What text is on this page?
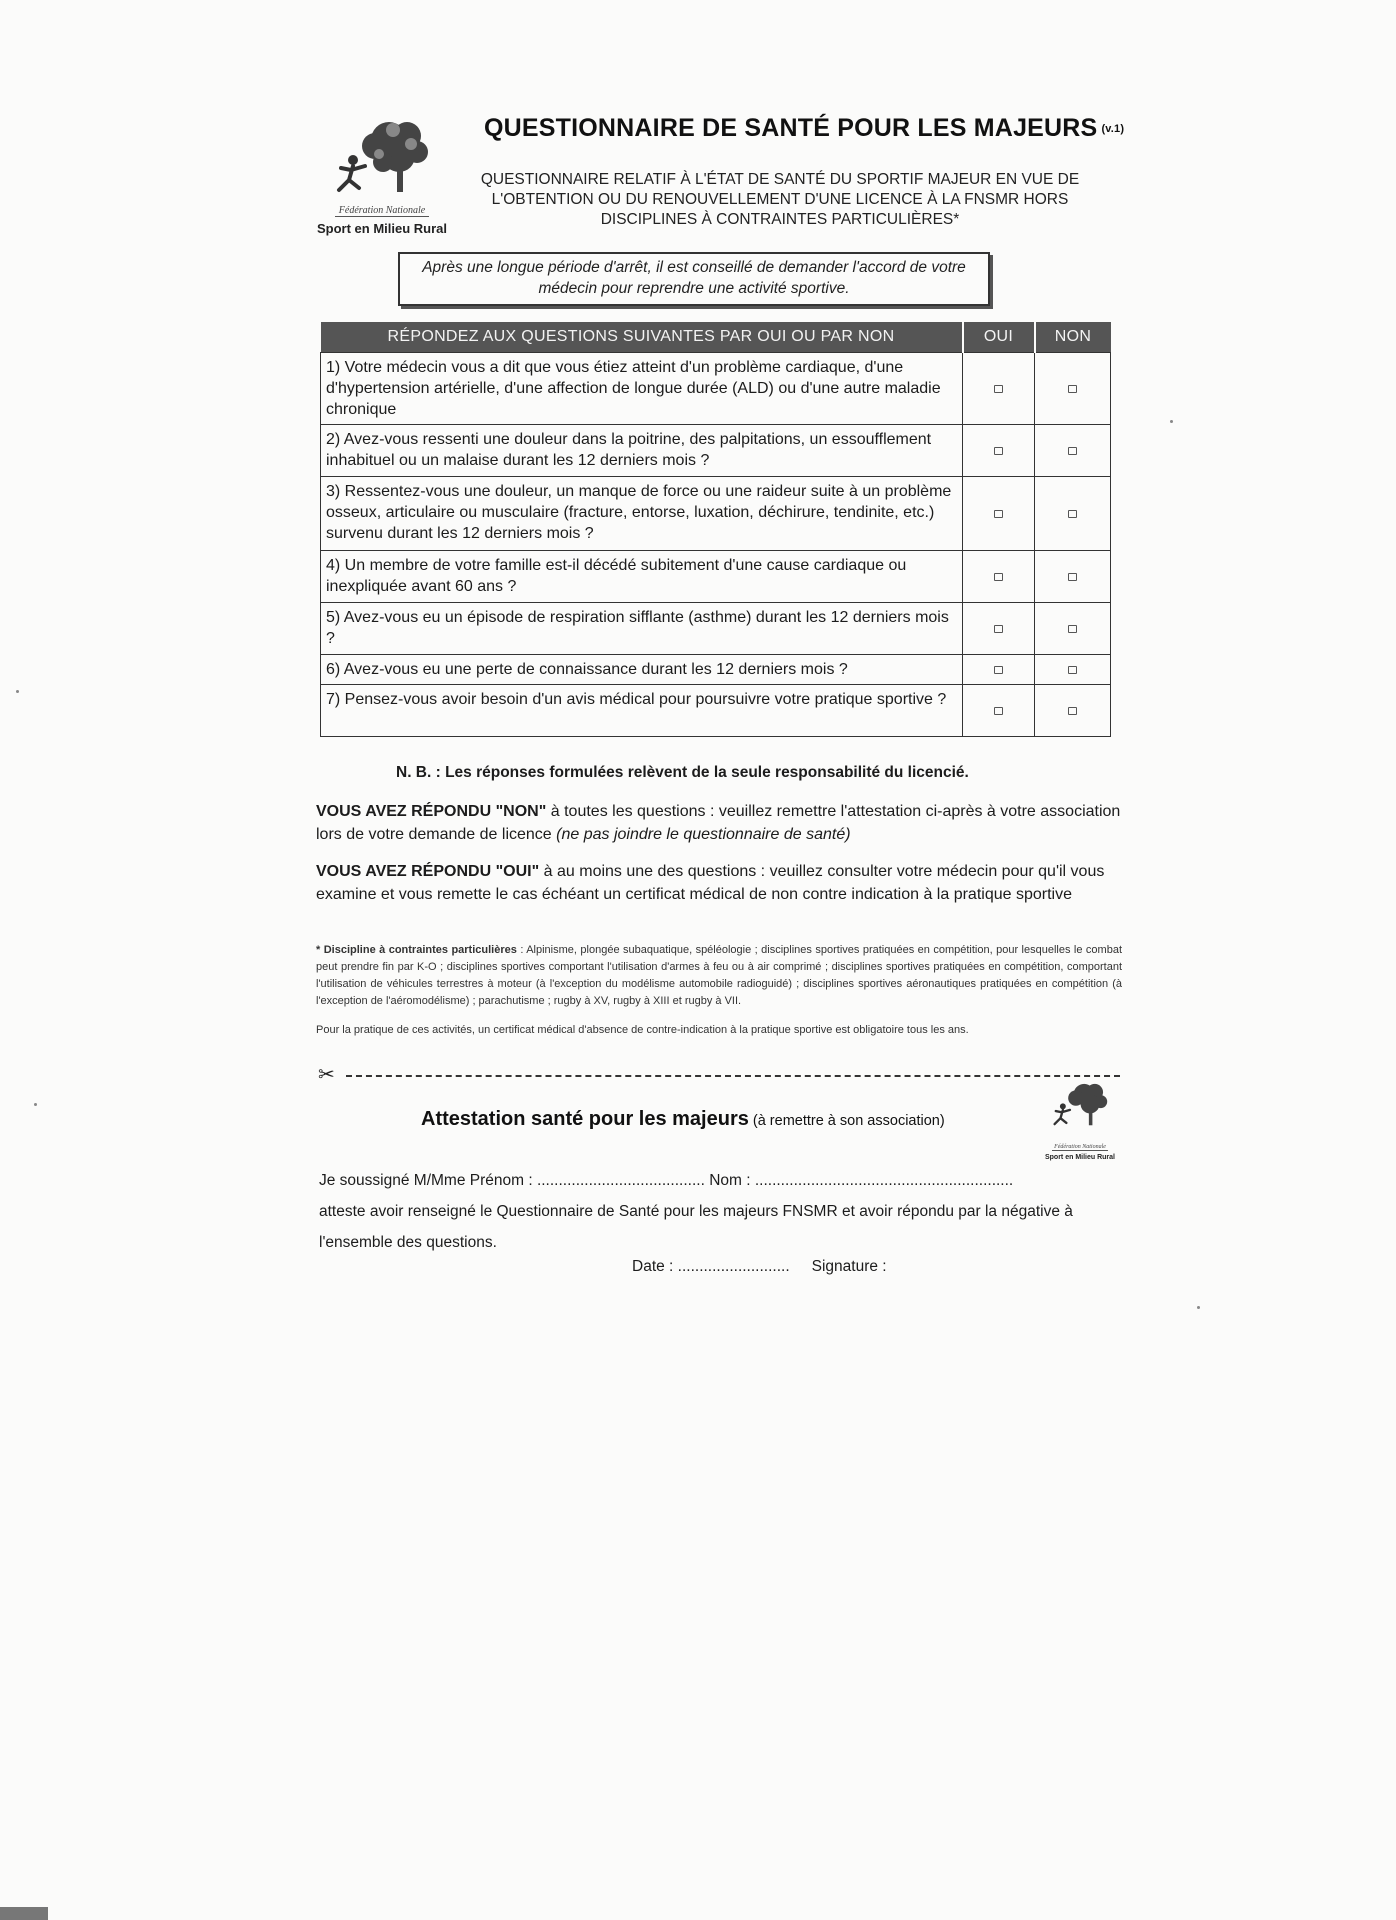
Fédération Nationale
Sport en Milieu Rural
QUESTIONNAIRE DE SANTÉ POUR LES MAJEURS (v.1)
QUESTIONNAIRE RELATIF À L'ÉTAT DE SANTÉ DU SPORTIF MAJEUR EN VUE DE L'OBTENTION OU DU RENOUVELLEMENT D'UNE LICENCE À LA FNSMR HORS DISCIPLINES À CONTRAINTES PARTICULIÈRES*
Après une longue période d'arrêt, il est conseillé de demander l'accord de votre médecin pour reprendre une activité sportive.
RÉPONDEZ AUX QUESTIONS SUIVANTES PAR OUI OU PAR NON	OUI	NON
1) Votre médecin vous a dit que vous étiez atteint d'un problème cardiaque, d'une d'hypertension artérielle, d'une affection de longue durée (ALD) ou d'une autre maladie chronique		
2) Avez-vous ressenti une douleur dans la poitrine, des palpitations, un essoufflement inhabituel ou un malaise durant les 12 derniers mois ?		
3) Ressentez-vous une douleur, un manque de force ou une raideur suite à un problème osseux, articulaire ou musculaire (fracture, entorse, luxation, déchirure, tendinite, etc.) survenu durant les 12 derniers mois ?		
4) Un membre de votre famille est-il décédé subitement d'une cause cardiaque ou inexpliquée avant 60 ans ?		
5) Avez-vous eu un épisode de respiration sifflante (asthme) durant les 12 derniers mois ?		
6) Avez-vous eu une perte de connaissance durant les 12 derniers mois ?		
7) Pensez-vous avoir besoin d'un avis médical pour poursuivre votre pratique sportive ?		
N. B. : Les réponses formulées relèvent de la seule responsabilité du licencié.
VOUS AVEZ RÉPONDU "NON" à toutes les questions : veuillez remettre l'attestation ci-après à votre association lors de votre demande de licence (ne pas joindre le questionnaire de santé)
VOUS AVEZ RÉPONDU "OUI" à au moins une des questions : veuillez consulter votre médecin pour qu'il vous examine et vous remette le cas échéant un certificat médical de non contre indication à la pratique sportive
* Discipline à contraintes particulières : Alpinisme, plongée subaquatique, spéléologie ; disciplines sportives pratiquées en compétition, pour lesquelles le combat peut prendre fin par K-O ; disciplines sportives comportant l'utilisation d'armes à feu ou à air comprimé ; disciplines sportives pratiquées en compétition, comportant l'utilisation de véhicules terrestres à moteur (à l'exception du modélisme automobile radioguidé) ; disciplines sportives aéronautiques pratiquées en compétition (à l'exception de l'aéromodélisme) ; parachutisme ; rugby à XV, rugby à XIII et rugby à VII.
Pour la pratique de ces activités, un certificat médical d'absence de contre-indication à la pratique sportive est obligatoire tous les ans.
✂
Attestation santé pour les majeurs (à remettre à son association)
Fédération Nationale
Sport en Milieu Rural
Je soussigné M/Mme Prénom : ....................................... Nom : ............................................................
atteste avoir renseigné le Questionnaire de Santé pour les majeurs FNSMR et avoir répondu par la négative à l'ensemble des questions.
Date : .......................... Signature :
